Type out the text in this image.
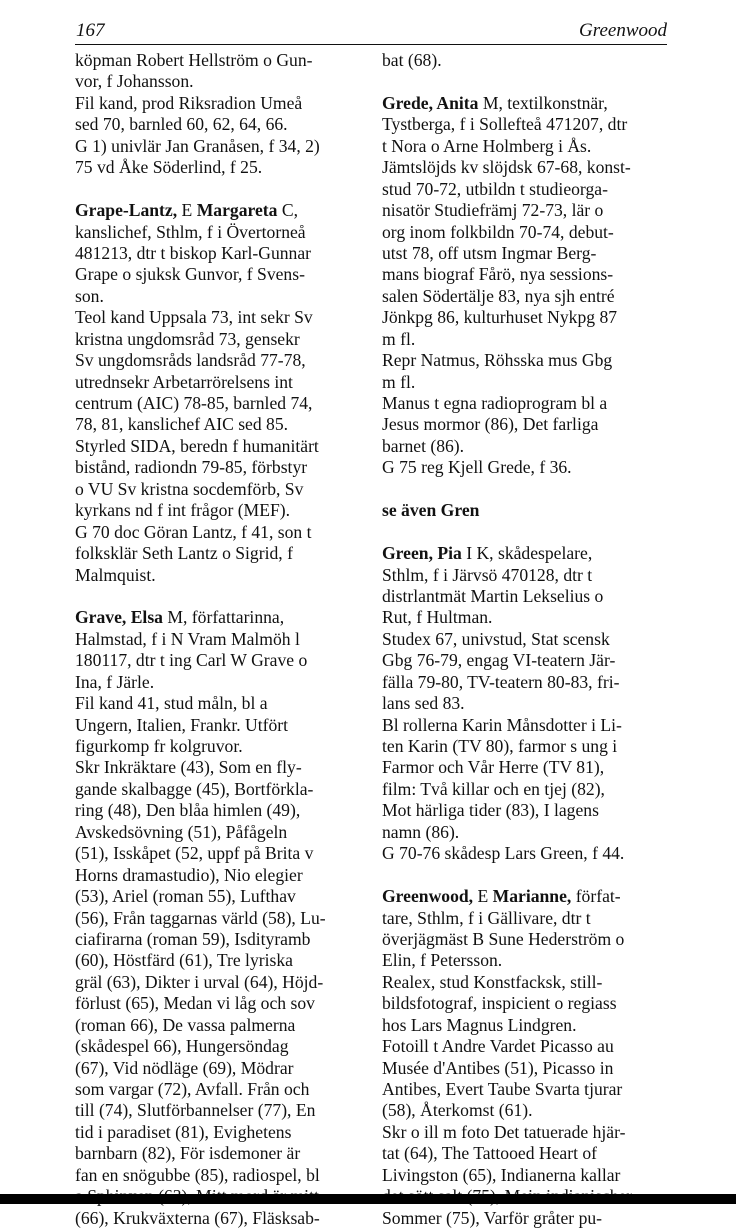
167	Greenwood
köpman Robert Hellström o Gun-
vor, f Johansson.
Fil kand, prod Riksradion Umeå
sed 70, barnled 60, 62, 64, 66.
G 1) univlär Jan Granåsen, f 34, 2)
75 vd Åke Söderlind, f 25.
Grape-Lantz, E Margareta C,
kanslichef, Sthlm, f i Övertorneå
481213, dtr t biskop Karl-Gunnar
Grape o sjuksk Gunvor, f Svens-
son.
Teol kand Uppsala 73, int sekr Sv
kristna ungdomsråd 73, gensekr
Sv ungdomsråds landsråd 77-78,
utrednsekr Arbetarrörelsens int
centrum (AIC) 78-85, barnled 74,
78, 81, kanslichef AIC sed 85.
Styrled SIDA, beredn f humanitärt
bistånd, radiondn 79-85, förbstyr
o VU Sv kristna socdemförb, Sv
kyrkans nd f int frågor (MEF).
G 70 doc Göran Lantz, f 41, son t
folksklär Seth Lantz o Sigrid, f
Malmquist.
Grave, Elsa M, författarinna,
Halmstad, f i N Vram Malmöh l
180117, dtr t ing Carl W Grave o
Ina, f Järle.
Fil kand 41, stud måln, bl a
Ungern, Italien, Frankr. Utfört
figurkomp fr kolgruvor.
Skr Inkräktare (43), Som en fly-
gande skalbagge (45), Bortförkla-
ring (48), Den blåa himlen (49),
Avskedsövning (51), Påfågeln
(51), Isskåpet (52, uppf på Brita v
Horns dramastudio), Nio elegier
(53), Ariel (roman 55), Lufthav
(56), Från taggarnas värld (58), Lu-
ciafirarna (roman 59), Isdityramb
(60), Höstfärd (61), Tre lyriska
gräl (63), Dikter i urval (64), Höjd-
förlust (65), Medan vi låg och sov
(roman 66), De vassa palmerna
(skådespel 66), Hungersöndag
(67), Vid nödläge (69), Mödrar
som vargar (72), Avfall. Från och
till (74), Slutförbannelser (77), En
tid i paradiset (81), Evighetens
barnbarn (82), För isdemoner är
fan en snögubbe (85), radiospel, bl
(66), Krukväxterna (67), Fläsksab-
bat (68).
Grede, Anita M, textilkonstnär,
Tystberga, f i Sollefteå 471207, dtr
t Nora o Arne Holmberg i Ås.
Jämtslöjds kv slöjdsk 67-68, konst-
stud 70-72, utbildn t studieorga-
nisatör Studiefrämj 72-73, lär o
org inom folkbildn 70-74, debut-
utst 78, off utsm Ingmar Berg-
mans biograf Fårö, nya sessions-
salen Södertälje 83, nya sjh entré
Jönkpg 86, kulturhuset Nykpg 87
m fl.
Repr Natmus, Röhsska mus Gbg
m fl.
Manus t egna radioprogram bl a
Jesus mormor (86), Det farliga
barnet (86).
G 75 reg Kjell Grede, f 36.
se även Gren
Green, Pia I K, skådespelare,
Sthlm, f i Järvsö 470128, dtr t
distrlantmät Martin Lekselius o
Rut, f Hultman.
Studex 67, univstud, Stat scensk
Gbg 76-79, engag VI-teatern Jär-
fälla 79-80, TV-teatern 80-83, fri-
lans sed 83.
Bl rollerna Karin Månsdotter i Li-
ten Karin (TV 80), farmor s ung i
Farmor och Vår Herre (TV 81),
film: Två killar och en tjej (82),
Mot härliga tider (83), I lagens
namn (86).
G 70-76 skådesp Lars Green, f 44.
Greenwood, E Marianne, förfat-
tare, Sthlm, f i Gällivare, dtr t
överjägmäst B Sune Hederström o
Elin, f Petersson.
Realex, stud Konstfacksk, still-
bildsfotograf, inspicient o regiass
hos Lars Magnus Lindgren.
Fotoill t Andre Vardet Picasso au
Musée d'Antibes (51), Picasso in
Antibes, Evert Taube Svarta tjurar
(58), Återkomst (61).
Skr o ill m foto Det tatuerade hjär-
tat (64), The Tattooed Heart of
Livingston (65), Indianerna kallar
Sommer (75), Varför gråter pu-
